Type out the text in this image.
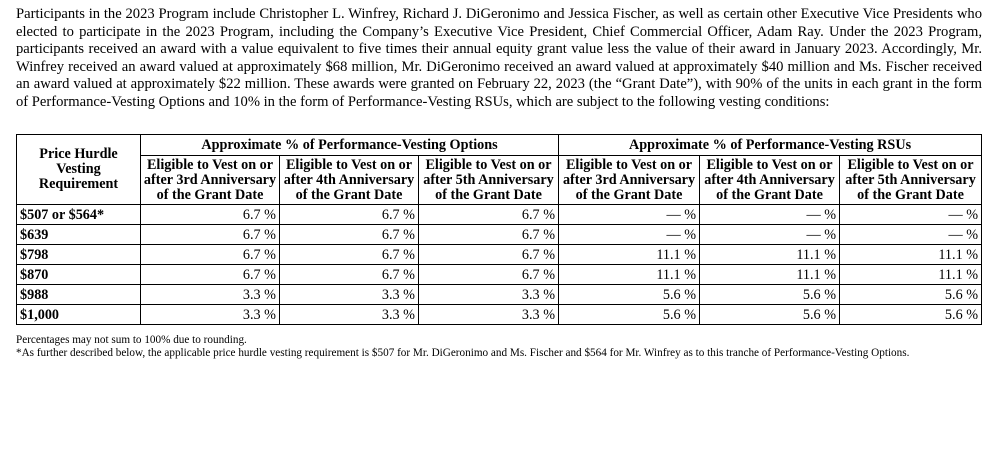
Participants in the 2023 Program include Christopher L. Winfrey, Richard J. DiGeronimo and Jessica Fischer, as well as certain other Executive Vice Presidents who elected to participate in the 2023 Program, including the Company’s Executive Vice President, Chief Commercial Officer, Adam Ray. Under the 2023 Program, participants received an award with a value equivalent to five times their annual equity grant value less the value of their award in January 2023. Accordingly, Mr. Winfrey received an award valued at approximately $68 million, Mr. DiGeronimo received an award valued at approximately $40 million and Ms. Fischer received an award valued at approximately $22 million. These awards were granted on February 22, 2023 (the “Grant Date”), with 90% of the units in each grant in the form of Performance-Vesting Options and 10% in the form of Performance-Vesting RSUs, which are subject to the following vesting conditions:

Price Hurdle Vesting Requirement	Approximate % of Performance-Vesting Options			Approximate % of Performance-Vesting RSUs		
	Eligible to Vest on or after 3rd Anniversary of the Grant Date	Eligible to Vest on or after 4th Anniversary of the Grant Date	Eligible to Vest on or after 5th Anniversary of the Grant Date	Eligible to Vest on or after 3rd Anniversary of the Grant Date	Eligible to Vest on or after 4th Anniversary of the Grant Date	Eligible to Vest on or after 5th Anniversary of the Grant Date
$507 or $564*	6.7 %	6.7 %	6.7 %	— %	— %	— %
$639	6.7 %	6.7 %	6.7 %	— %	— %	— %
$798	6.7 %	6.7 %	6.7 %	11.1 %	11.1 %	11.1 %
$870	6.7 %	6.7 %	6.7 %	11.1 %	11.1 %	11.1 %
$988	3.3 %	3.3 %	3.3 %	5.6 %	5.6 %	5.6 %
$1,000	3.3 %	3.3 %	3.3 %	5.6 %	5.6 %	5.6 %
Percentages may not sum to 100% due to rounding.
*As further described below, the applicable price hurdle vesting requirement is $507 for Mr. DiGeronimo and Ms. Fischer and $564 for Mr. Winfrey as to this tranche of Performance-Vesting Options.
